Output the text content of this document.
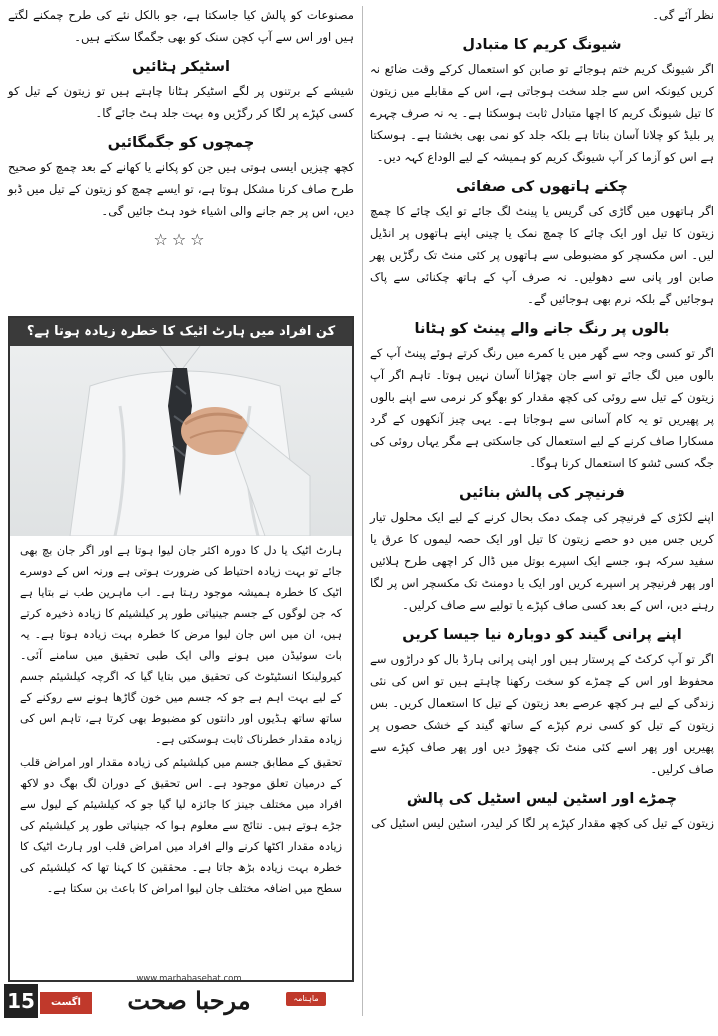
نظر آئے گی۔

شیونگ کریم کا متبادل

اگر شیونگ کریم ختم ہوجائے تو صابن کو استعمال کرکے وقت ضائع نہ کریں کیونکہ اس سے جلد سخت ہوجاتی ہے، اس کے مقابلے میں زیتون کا تیل شیونگ کریم کا اچھا متبادل ثابت ہوسکتا ہے۔ یہ نہ صرف چہرے پر بلیڈ کو چلانا آسان بناتا ہے بلکہ جلد کو نمی بھی بخشتا ہے۔ ہوسکتا ہے اس کو آزما کر آپ شیونگ کریم کو ہمیشہ کے لیے الوداع کہہ دیں۔

چکنے ہاتھوں کی صفائی

اگر ہاتھوں میں گاڑی کی گریس یا پینٹ لگ جائے تو ایک چائے کا چمچ زیتون کا تیل اور ایک چائے کا چمچ نمک یا چینی اپنے ہاتھوں پر انڈیل لیں۔ اس مکسچر کو مضبوطی سے ہاتھوں پر کئی منٹ تک رگڑیں پھر صابن اور پانی سے دھولیں۔ نہ صرف آپ کے ہاتھ چکنائی سے پاک ہوجائیں گے بلکہ نرم بھی ہوجائیں گے۔

بالوں پر رنگ جانے والے پینٹ کو ہٹانا

اگر تو کسی وجہ سے گھر میں یا کمرے میں رنگ کرتے ہوئے پینٹ آپ کے بالوں میں لگ جائے تو اسے جان چھڑانا آسان نہیں ہوتا۔ تاہم اگر آپ زیتون کے تیل سے روئی کی کچھ مقدار کو بھگو کر نرمی سے اپنے بالوں پر پھیریں تو یہ کام آسانی سے ہوجاتا ہے۔ یہی چیز آنکھوں کے گرد مسکارا صاف کرنے کے لیے استعمال کی جاسکتی ہے مگر یہاں روئی کی جگہ کسی ٹشو کا استعمال کرنا ہوگا۔

فرنیچر کی پالش بنائیں

اپنے لکڑی کے فرنیچر کی چمک دمک بحال کرنے کے لیے ایک محلول تیار کریں جس میں دو حصے زیتون کا تیل اور ایک حصہ لیموں کا عرق یا سفید سرکہ ہو، جسے ایک اسپرے بوتل میں ڈال کر اچھی طرح ہلائیں اور پھر فرنیچر پر اسپرے کریں اور ایک یا دومنٹ تک مکسچر اس پر لگا رہنے دیں، اس کے بعد کسی صاف کپڑے یا تولیے سے صاف کرلیں۔

اپنے پرانی گیند کو دوبارہ نیا جیسا کریں

اگر تو آپ کرکٹ کے پرستار ہیں اور اپنی پرانی ہارڈ بال کو دراڑوں سے محفوظ اور اس کے چمڑے کو سخت رکھنا چاہتے ہیں تو اس کی نئی زندگی کے لیے ہر کچھ عرصے بعد زیتون کے تیل کا استعمال کریں۔ بس زیتون کے تیل کو کسی نرم کپڑے کے ساتھ گیند کے خشک حصوں پر پھیریں اور پھر اسے کئی منٹ تک چھوڑ دیں اور پھر صاف کپڑے سے صاف کرلیں۔

چمڑے اور اسٹین لیس اسٹیل کی پالش

زیتون کے تیل کی کچھ مقدار کپڑے پر لگا کر لیدر، اسٹین لیس اسٹیل کی

مصنوعات کو پالش کیا جاسکتا ہے، جو بالکل نئے کی طرح چمکنے لگتے ہیں اور اس سے آپ کچن سنک کو بھی جگمگا سکتے ہیں۔

اسٹیکر ہٹائیں

شیشے کے برتنوں پر لگے اسٹیکر ہٹانا چاہتے ہیں تو زیتون کے تیل کو کسی کپڑے پر لگا کر رگڑیں وہ بہت جلد ہٹ جائے گا۔

چمچوں کو جگمگائیں

کچھ چیزیں ایسی ہوتی ہیں جن کو پکانے یا کھانے کے بعد چمچ کو صحیح طرح صاف کرنا مشکل ہوتا ہے، تو ایسے چمچ کو زیتون کے تیل میں ڈبو دیں، اس پر جم جانے والی اشیاء خود ہٹ جائیں گی۔

☆☆☆
کن افراد میں ہارٹ اٹیک کا خطرہ زیادہ ہوتا ہے؟

ہارٹ اٹیک یا دل کا دورہ اکثر جان لیوا ہوتا ہے اور اگر جان بچ بھی جائے تو بہت زیادہ احتیاط کی ضرورت ہوتی ہے ورنہ اس کے دوسرے اٹیک کا خطرہ ہمیشہ موجود رہتا ہے۔ اب ماہرین طب نے بتایا ہے کہ جن لوگوں کے جسم جینیاتی طور پر کیلشیئم کا زیادہ ذخیرہ کرتے ہیں، ان میں اس جان لیوا مرض کا خطرہ بہت زیادہ ہوتا ہے۔ یہ بات سوئیڈن میں ہونے والی ایک طبی تحقیق میں سامنے آئی۔ کیرولینکا انسٹیٹوٹ کی تحقیق میں بتایا گیا کہ اگرچہ کیلشیئم جسم کے لیے بہت اہم ہے جو کہ جسم میں خون گاڑھا ہونے سے روکنے کے ساتھ ساتھ ہڈیوں اور دانتوں کو مضبوط بھی کرتا ہے، تاہم اس کی زیادہ مقدار خطرناک ثابت ہوسکتی ہے۔

تحقیق کے مطابق جسم میں کیلشیئم کی زیادہ مقدار اور امراض قلب کے درمیان تعلق موجود ہے۔ اس تحقیق کے دوران لگ بھگ دو لاکھ افراد میں مختلف جینز کا جائزہ لیا گیا جو کہ کیلشیئم کے لیول سے جڑے ہوتے ہیں۔ نتائج سے معلوم ہوا کہ جینیاتی طور پر کیلشیئم کی زیادہ مقدار اکٹھا کرنے والے افراد میں امراض قلب اور ہارٹ اٹیک کا خطرہ بہت زیادہ بڑھ جاتا ہے۔ محققین کا کہنا تھا کہ کیلشیئم کی سطح میں اضافہ مختلف جان لیوا امراض کا باعث بن سکتا ہے۔

15	اگست 2017ء
www.marhabasehat.com
مرحبا صحت	ماہنامہ
